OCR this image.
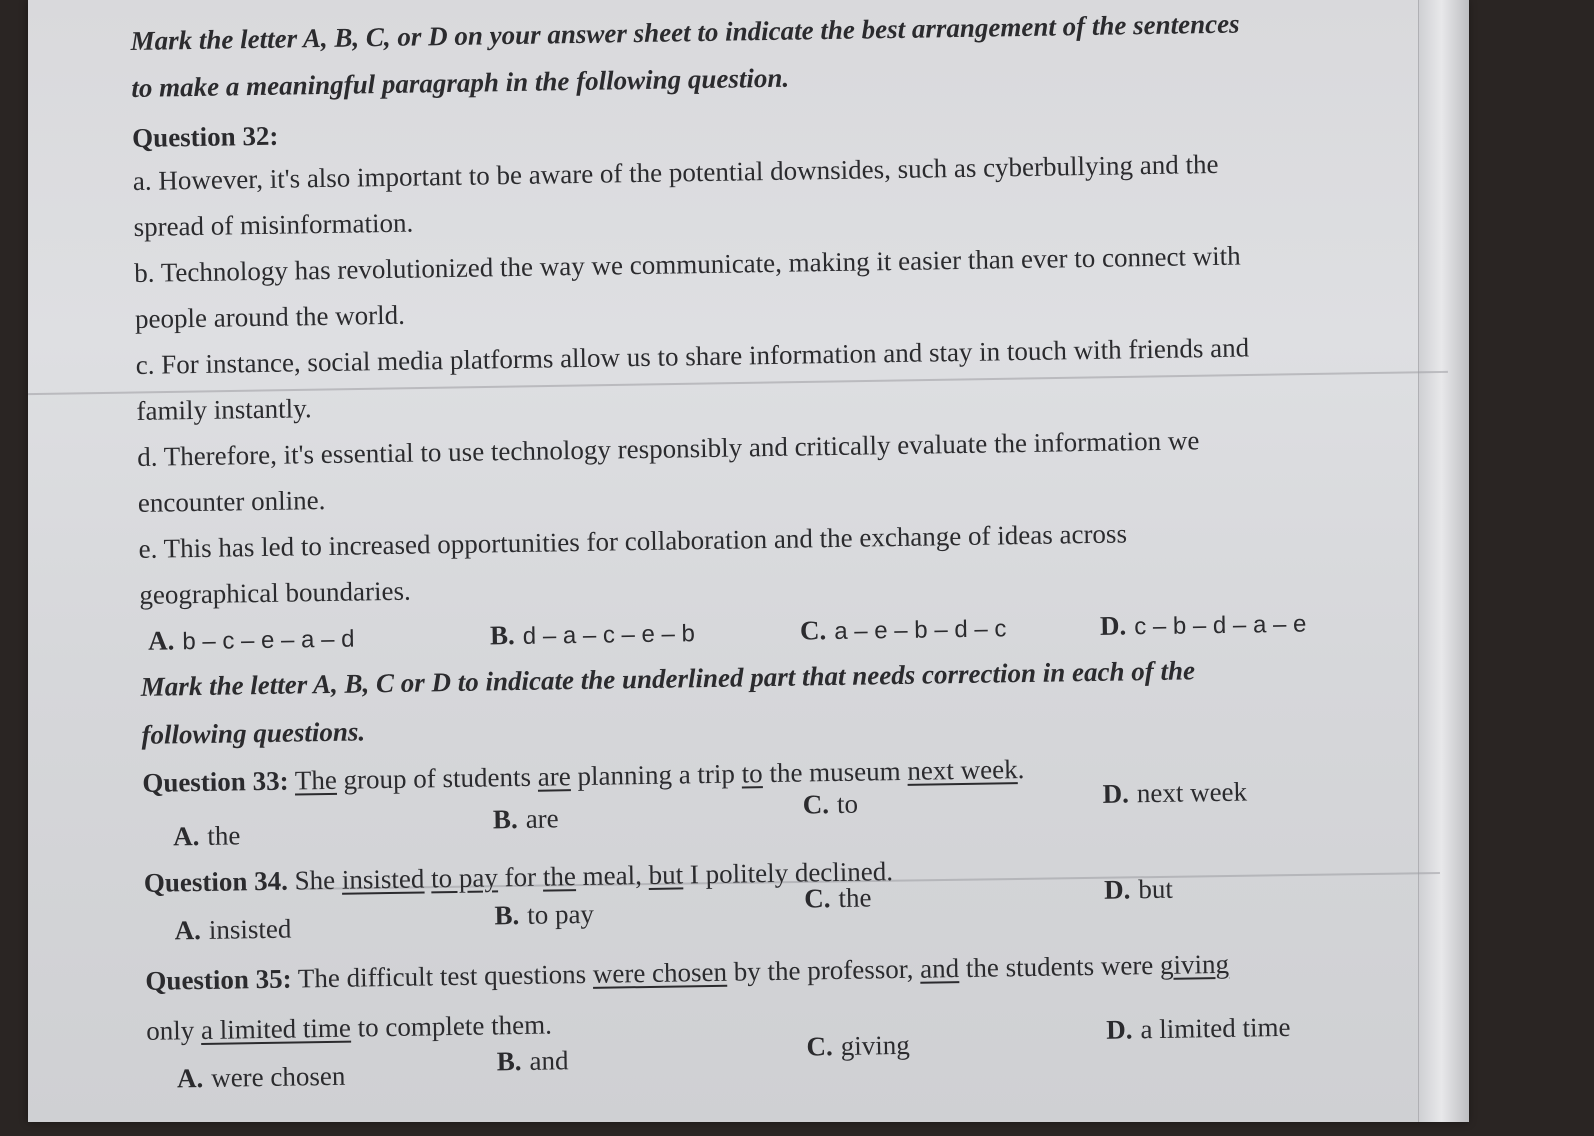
Mark the letter A, B, C, or D on your answer sheet to indicate the best arrangement of the sentences
to make a meaningful paragraph in the following question.
Question 32:
a. However, it's also important to be aware of the potential downsides, such as cyberbullying and the
spread of misinformation.
b. Technology has revolutionized the way we communicate, making it easier than ever to connect with
people around the world.
c. For instance, social media platforms allow us to share information and stay in touch with friends and
family instantly.
d. Therefore, it's essential to use technology responsibly and critically evaluate the information we
encounter online.
e. This has led to increased opportunities for collaboration and the exchange of ideas across
geographical boundaries.
A. b – c – e – a – d	B. d – a – c – e – b	C. a – e – b – d – c	D. c – b – d – a – e
Mark the letter A, B, C or D to indicate the underlined part that needs correction in each of the
following questions.
Question 33: The group of students are planning a trip to the museum next week.
A. the
B. are	C. to	D. next week
Question 34. She insisted to pay for the meal, but I politely declined.
A. insisted	B. to pay
C. the	D. but
Question 35: The difficult test questions were chosen by the professor, and the students were giving
only a limited time to complete them.
A. were chosen	B. and	C. giving
D. a limited time
